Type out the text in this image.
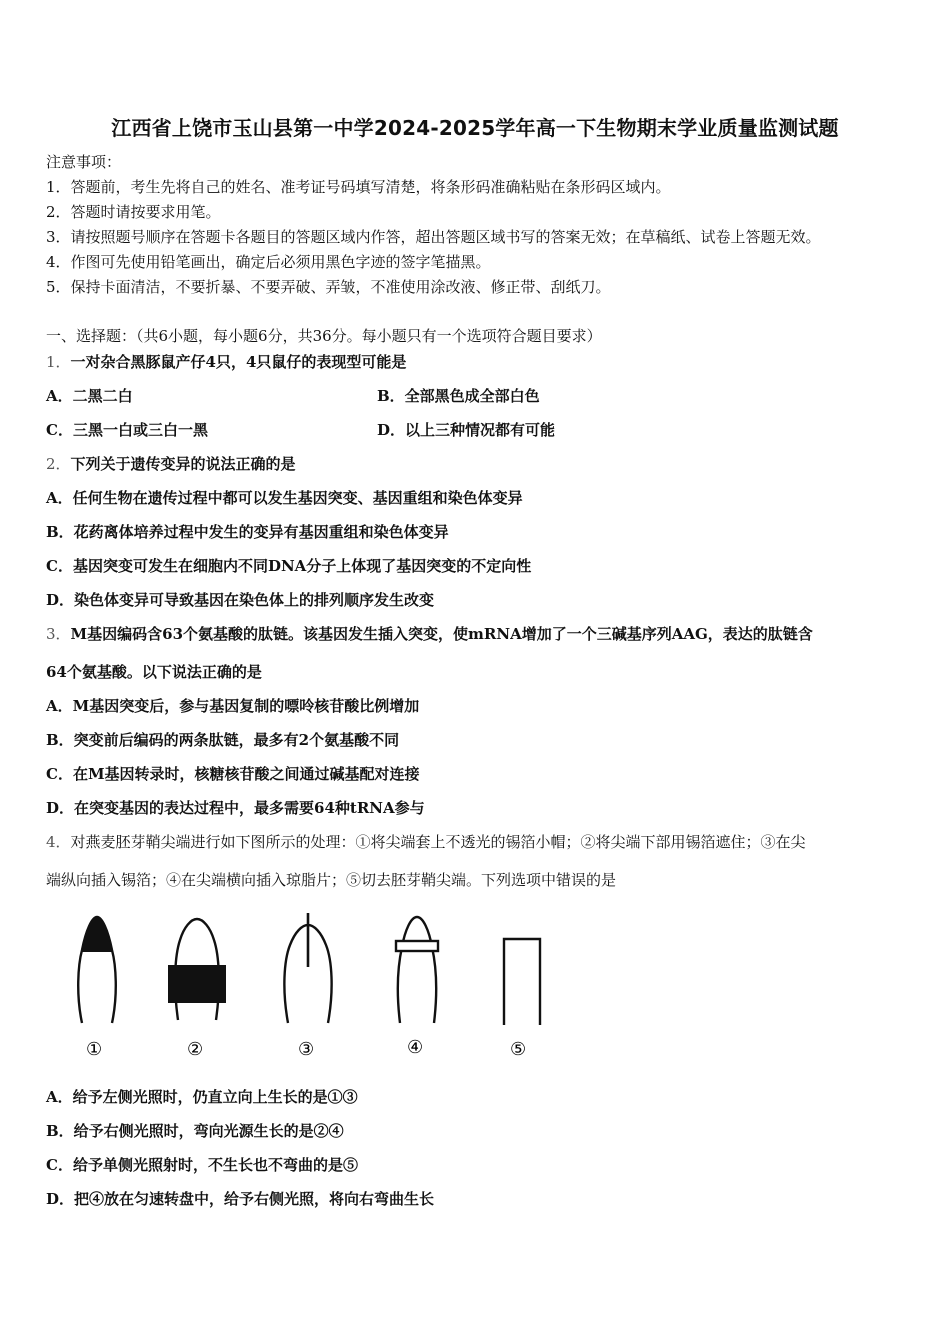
江西省上饶市玉山县第一中学2024-2025学年高一下生物期末学业质量监测试题
注意事项：
1．答题前，考生先将自己的姓名、准考证号码填写清楚，将条形码准确粘贴在条形码区域内。
2．答题时请按要求用笔。
3．请按照题号顺序在答题卡各题目的答题区域内作答，超出答题区域书写的答案无效；在草稿纸、试卷上答题无效。
4．作图可先使用铅笔画出，确定后必须用黑色字迹的签字笔描黑。
5．保持卡面清洁，不要折暴、不要弄破、弄皱，不准使用涂改液、修正带、刮纸刀。
一、选择题：（共6小题，每小题6分，共36分。每小题只有一个选项符合题目要求）
1．一对杂合黑豚鼠产仔4只，4只鼠仔的表现型可能是
A．二黑二白	B．全部黑色成全部白色
C．三黑一白或三白一黑	D．以上三种情况都有可能
2．下列关于遗传变异的说法正确的是
A．任何生物在遗传过程中都可以发生基因突变、基因重组和染色体变异
B．花药离体培养过程中发生的变异有基因重组和染色体变异
C．基因突变可发生在细胞内不同DNA分子上体现了基因突变的不定向性
D．染色体变异可导致基因在染色体上的排列顺序发生改变
3．M基因编码含63个氨基酸的肽链。该基因发生插入突变，使mRNA增加了一个三碱基序列AAG，表达的肽链含
64个氨基酸。以下说法正确的是
A．M基因突变后，参与基因复制的嘌呤核苷酸比例增加
B．突变前后编码的两条肽链，最多有2个氨基酸不同
C．在M基因转录时，核糖核苷酸之间通过碱基配对连接
D．在突变基因的表达过程中，最多需要64种tRNA参与
4．对燕麦胚芽鞘尖端进行如下图所示的处理：①将尖端套上不透光的锡箔小帽；②将尖端下部用锡箔遮住；③在尖
端纵向插入锡箔；④在尖端横向插入琼脂片；⑤切去胚芽鞘尖端。下列选项中错误的是
①	②	③	④	⑤
A．给予左侧光照时，仍直立向上生长的是①③
B．给予右侧光照时，弯向光源生长的是②④
C．给予单侧光照射时，不生长也不弯曲的是⑤
D．把④放在匀速转盘中，给予右侧光照，将向右弯曲生长
